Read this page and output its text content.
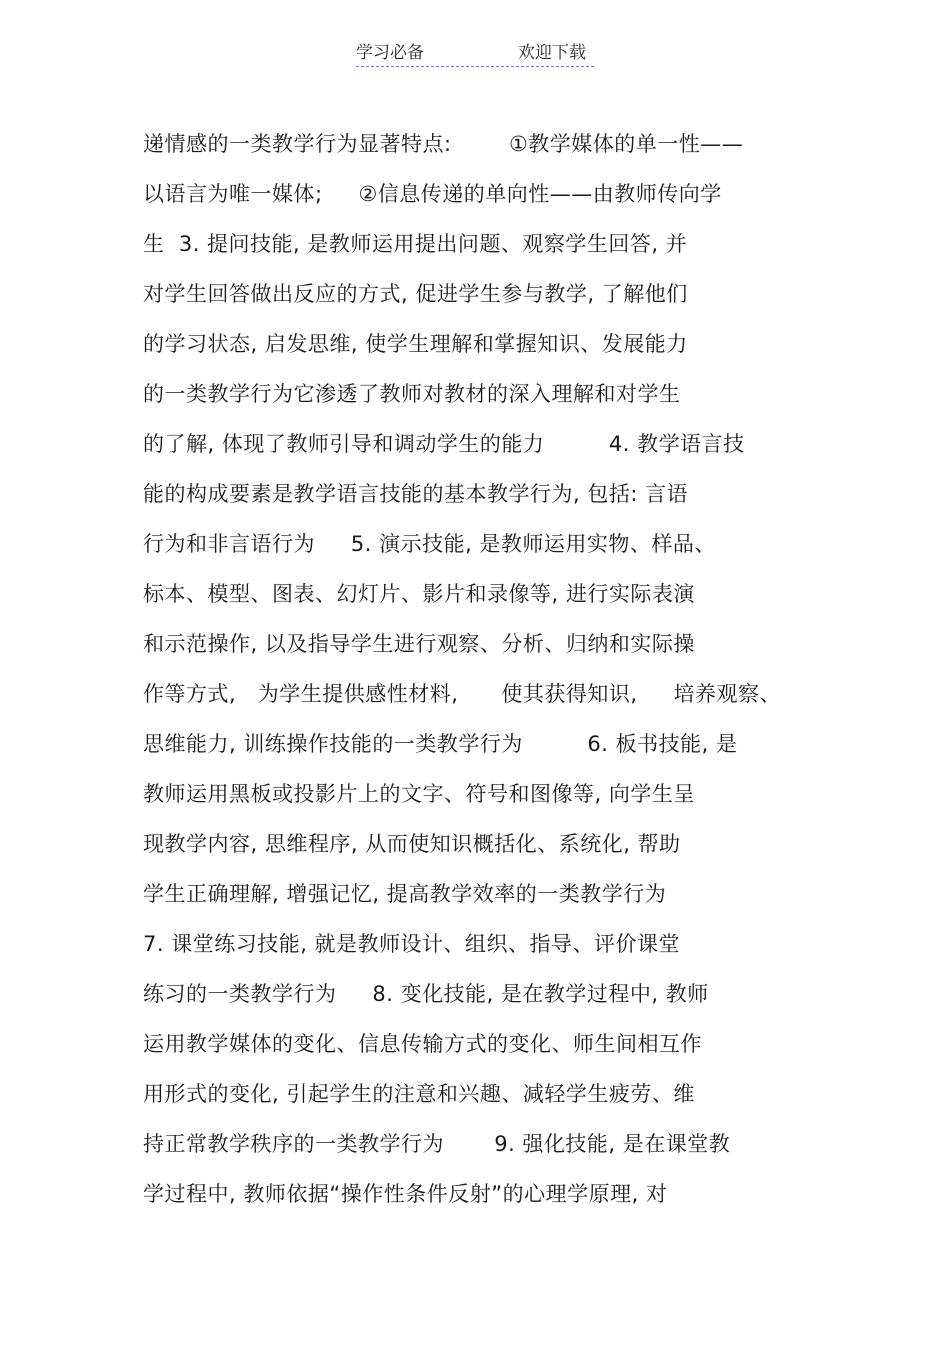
学习必备	欢迎下载
递情感的一类教学行为显著特点:        ①教学媒体的单一性——
以语言为唯一媒体;     ②信息传递的单向性——由教师传向学
生  3. 提问技能, 是教师运用提出问题、观察学生回答, 并
对学生回答做出反应的方式, 促进学生参与教学, 了解他们
的学习状态, 启发思维, 使学生理解和掌握知识、发展能力
的一类教学行为它渗透了教师对教材的深入理解和对学生
的了解, 体现了教师引导和调动学生的能力         4. 教学语言技
能的构成要素是教学语言技能的基本教学行为, 包括: 言语
行为和非言语行为     5. 演示技能, 是教师运用实物、样品、
标本、模型、图表、幻灯片、影片和录像等, 进行实际表演
和示范操作, 以及指导学生进行观察、分析、归纳和实际操
作等方式,   为学生提供感性材料,      使其获得知识,     培养观察、
思维能力, 训练操作技能的一类教学行为         6. 板书技能, 是
教师运用黑板或投影片上的文字、符号和图像等, 向学生呈
现教学内容, 思维程序, 从而使知识概括化、系统化, 帮助
学生正确理解, 增强记忆, 提高教学效率的一类教学行为
7. 课堂练习技能, 就是教师设计、组织、指导、评价课堂
练习的一类教学行为     8. 变化技能, 是在教学过程中, 教师
运用教学媒体的变化、信息传输方式的变化、师生间相互作
用形式的变化, 引起学生的注意和兴趣、减轻学生疲劳、维
持正常教学秩序的一类教学行为       9. 强化技能, 是在课堂教
学过程中, 教师依据“操作性条件反射”的心理学原理, 对
